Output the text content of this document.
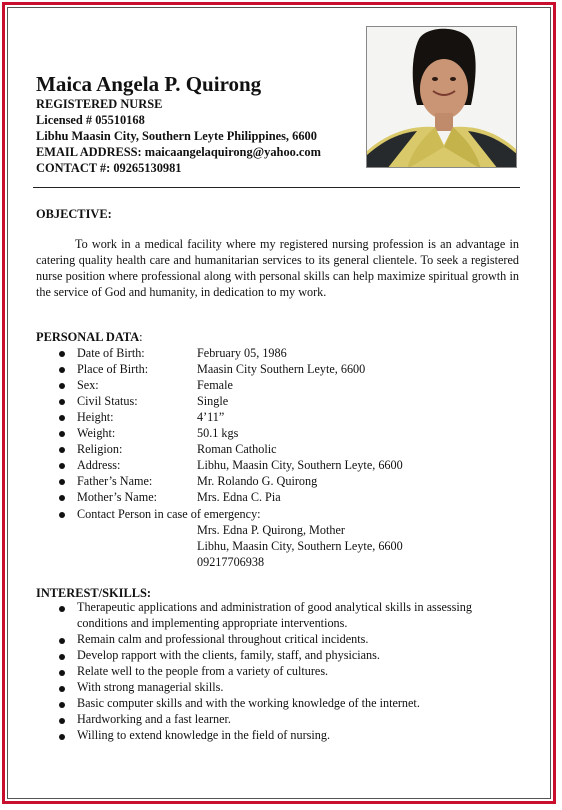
Maica Angela P. Quirong
REGISTERED NURSE
Licensed # 05510168
Libhu Maasin City, Southern Leyte Philippines, 6600
EMAIL ADDRESS: maicaangelaquirong@yahoo.com
CONTACT #: 09265130981
OBJECTIVE:

To work in a medical facility where my registered nursing profession is an advantage in catering quality health care and humanitarian services to its general clientele. To seek a registered nurse position where professional along with personal skills can help maximize spiritual growth in the service of God and humanity, in dedication to my work.

PERSONAL DATA:
Date of Birth:	February 05, 1986
Place of Birth:	Maasin City Southern Leyte, 6600
Sex:	Female
Civil Status:	Single
Height:	4’11”
Weight:	50.1 kgs
Religion:	Roman Catholic
Address:	Libhu, Maasin City, Southern Leyte, 6600
Father’s Name:	Mr. Rolando G. Quirong
Mother’s Name:	Mrs. Edna C. Pia
Contact Person in case of emergency:
Mrs. Edna P. Quirong, Mother
Libhu, Maasin City, Southern Leyte, 6600
09217706938
INTEREST/SKILLS:
Therapeutic applications and administration of good analytical skills in assessing conditions and implementing appropriate interventions.
Remain calm and professional throughout critical incidents.
Develop rapport with the clients, family, staff, and physicians.
Relate well to the people from a variety of cultures.
With strong managerial skills.
Basic computer skills and with the working knowledge of the internet.
Hardworking and a fast learner.
Willing to extend knowledge in the field of nursing.
